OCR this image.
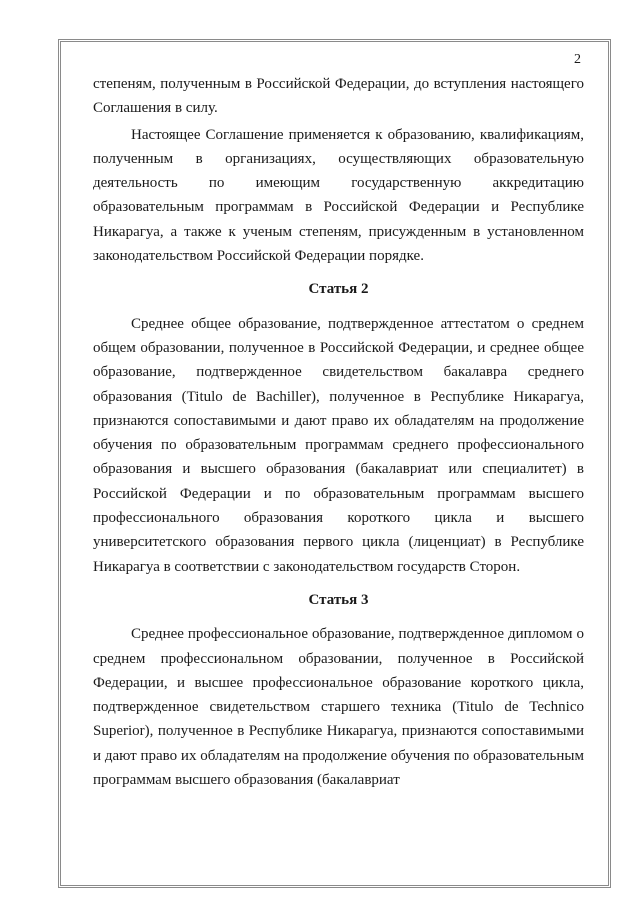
2

степеням, полученным в Российской Федерации, до вступления настоящего Соглашения в силу.

Настоящее Соглашение применяется к образованию, квалификациям, полученным в организациях, осуществляющих образовательную деятельность по имеющим государственную аккредитацию образовательным программам в Российской Федерации и Республике Никарагуа, а также к ученым степеням, присужденным в установленном законодательством Российской Федерации порядке.

Статья 2

Среднее общее образование, подтвержденное аттестатом о среднем общем образовании, полученное в Российской Федерации, и среднее общее образование, подтвержденное свидетельством бакалавра среднего образования (Titulo de Bachiller), полученное в Республике Никарагуа, признаются сопоставимыми и дают право их обладателям на продолжение обучения по образовательным программам среднего профессионального образования и высшего образования (бакалавриат или специалитет) в Российской Федерации и по образовательным программам высшего профессионального образования короткого цикла и высшего университетского образования первого цикла (лиценциат) в Республике Никарагуа в соответствии с законодательством государств Сторон.

Статья 3

Среднее профессиональное образование, подтвержденное дипломом о среднем профессиональном образовании, полученное в Российской Федерации, и высшее профессиональное образование короткого цикла, подтвержденное свидетельством старшего техника (Titulo de Technico Superior), полученное в Республике Никарагуа, признаются сопоставимыми и дают право их обладателям на продолжение обучения по образовательным программам высшего образования (бакалавриат
